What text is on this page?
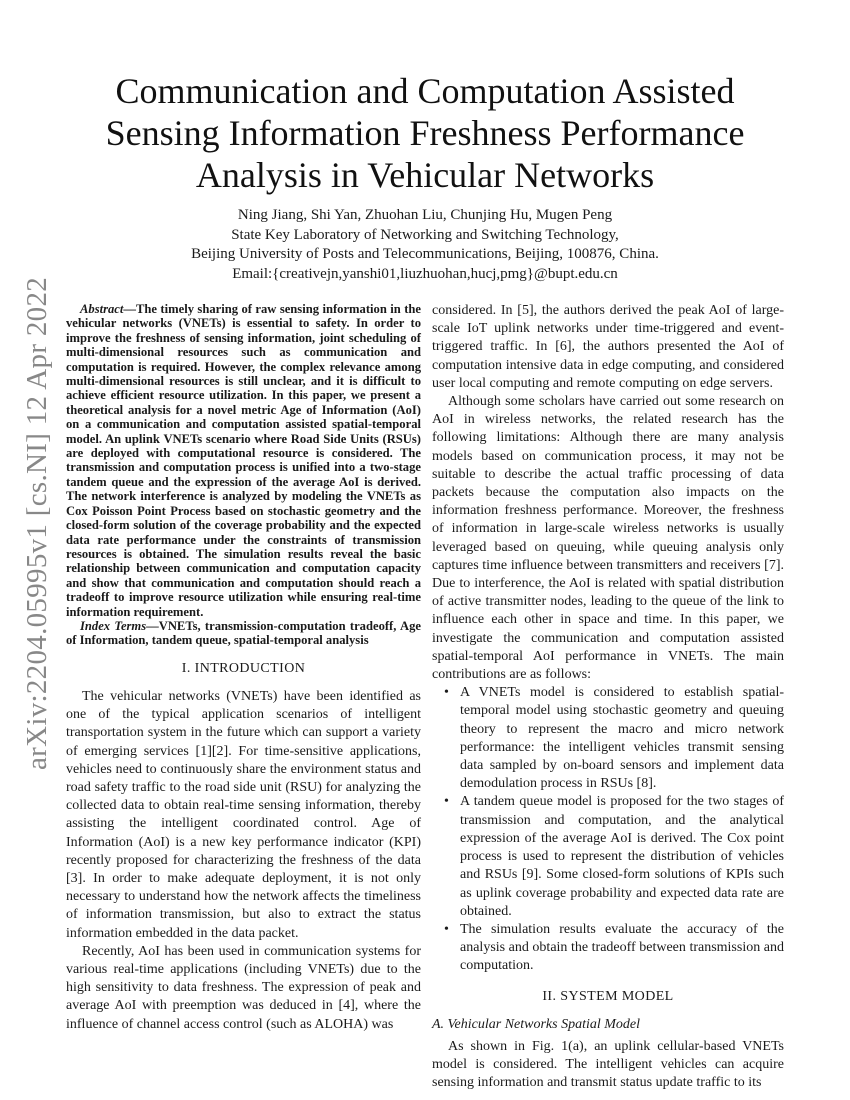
arXiv:2204.05995v1 [cs.NI] 12 Apr 2022
Communication and Computation Assisted Sensing Information Freshness Performance Analysis in Vehicular Networks
Ning Jiang, Shi Yan, Zhuohan Liu, Chunjing Hu, Mugen Peng
State Key Laboratory of Networking and Switching Technology,
Beijing University of Posts and Telecommunications, Beijing, 100876, China.
Email:{creativejn,yanshi01,liuzhuohan,hucj,pmg}@bupt.edu.cn

Abstract—The timely sharing of raw sensing information in the vehicular networks (VNETs) is essential to safety. In order to improve the freshness of sensing information, joint scheduling of multi-dimensional resources such as communication and computation is required. However, the complex relevance among multi-dimensional resources is still unclear, and it is difficult to achieve efficient resource utilization. In this paper, we present a theoretical analysis for a novel metric Age of Information (AoI) on a communication and computation assisted spatial-temporal model. An uplink VNETs scenario where Road Side Units (RSUs) are deployed with computational resource is considered. The transmission and computation process is unified into a two-stage tandem queue and the expression of the average AoI is derived. The network interference is analyzed by modeling the VNETs as Cox Poisson Point Process based on stochastic geometry and the closed-form solution of the coverage probability and the expected data rate performance under the constraints of transmission resources is obtained. The simulation results reveal the basic relationship between communication and computation capacity and show that communication and computation should reach a tradeoff to improve resource utilization while ensuring real-time information requirement.

Index Terms—VNETs, transmission-computation tradeoff, Age of Information, tandem queue, spatial-temporal analysis

I. INTRODUCTION

The vehicular networks (VNETs) have been identified as one of the typical application scenarios of intelligent transportation system in the future which can support a variety of emerging services [1][2]. For time-sensitive applications, vehicles need to continuously share the environment status and road safety traffic to the road side unit (RSU) for analyzing the collected data to obtain real-time sensing information, thereby assisting the intelligent coordinated control. Age of Information (AoI) is a new key performance indicator (KPI) recently proposed for characterizing the freshness of the data [3]. In order to make adequate deployment, it is not only necessary to understand how the network affects the timeliness of information transmission, but also to extract the status information embedded in the data packet.

Recently, AoI has been used in communication systems for various real-time applications (including VNETs) due to the high sensitivity to data freshness. The expression of peak and average AoI with preemption was deduced in [4], where the influence of channel access control (such as ALOHA) was

considered. In [5], the authors derived the peak AoI of large-scale IoT uplink networks under time-triggered and event-triggered traffic. In [6], the authors presented the AoI of computation intensive data in edge computing, and considered user local computing and remote computing on edge servers.

Although some scholars have carried out some research on AoI in wireless networks, the related research has the following limitations: Although there are many analysis models based on communication process, it may not be suitable to describe the actual traffic processing of data packets because the computation also impacts on the information freshness performance. Moreover, the freshness of information in large-scale wireless networks is usually leveraged based on queuing, while queuing analysis only captures time influence between transmitters and receivers [7]. Due to interference, the AoI is related with spatial distribution of active transmitter nodes, leading to the queue of the link to influence each other in space and time. In this paper, we investigate the communication and computation assisted spatial-temporal AoI performance in VNETs. The main contributions are as follows:

• A VNETs model is considered to establish spatial-temporal model using stochastic geometry and queuing theory to represent the macro and micro network performance: the intelligent vehicles transmit sensing data sampled by on-board sensors and implement data demodulation process in RSUs [8].
• A tandem queue model is proposed for the two stages of transmission and computation, and the analytical expression of the average AoI is derived. The Cox point process is used to represent the distribution of vehicles and RSUs [9]. Some closed-form solutions of KPIs such as uplink coverage probability and expected data rate are obtained.
• The simulation results evaluate the accuracy of the analysis and obtain the tradeoff between transmission and computation.
II. SYSTEM MODEL
A. Vehicular Networks Spatial Model

As shown in Fig. 1(a), an uplink cellular-based VNETs model is considered. The intelligent vehicles can acquire sensing information and transmit status update traffic to its
